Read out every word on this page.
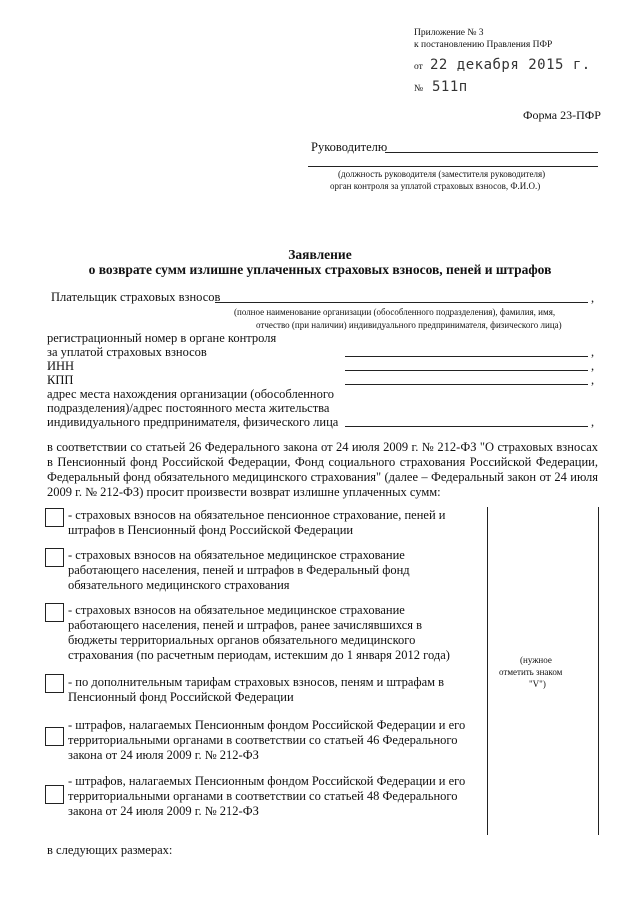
Приложение № 3
к постановлению Правления ПФР
от 22 декабря 2015 г.
№ 511п
Форма 23-ПФР
Руководителю
(должность руководителя (заместителя руководителя)
орган контроля за уплатой страховых взносов, Ф.И.О.)
Заявление
о возврате сумм излишне уплаченных страховых взносов, пеней и штрафов
Плательщик страховых взносов	,
(полное наименование организации (обособленного подразделения), фамилия, имя,
отчество (при наличии) индивидуального предпринимателя, физического лица)
регистрационный номер в органе контроля
за уплатой страховых взносов	,
ИНН	,
КПП	,
адрес места нахождения организации (обособленного
подразделения)/адрес постоянного места жительства
индивидуального предпринимателя, физического лица	,
в соответствии со статьей 26 Федерального закона от 24 июля 2009 г. № 212-ФЗ "О страховых взносах в Пенсионный фонд Российской Федерации, Фонд социального страхования Российской Федерации, Федеральный фонд обязательного медицинского страхования" (далее – Федеральный закон от 24 июля 2009 г. № 212-ФЗ) просит произвести возврат излишне уплаченных сумм:
- страховых взносов на обязательное пенсионное страхование, пеней и штрафов в Пенсионный фонд Российской Федерации
- страховых взносов на обязательное медицинское страхование работающего населения, пеней и штрафов в Федеральный фонд обязательного медицинского страхования
- страховых взносов на обязательное медицинское страхование работающего населения, пеней и штрафов, ранее зачислявшихся в бюджеты территориальных органов обязательного медицинского страхования (по расчетным периодам, истекшим до 1 января 2012 года)
- по дополнительным тарифам страховых взносов, пеням и штрафам в Пенсионный фонд Российской Федерации
- штрафов, налагаемых Пенсионным фондом Российской Федерации и его территориальными органами в соответствии со статьей 46 Федерального закона от 24 июля 2009 г. № 212-ФЗ
- штрафов, налагаемых Пенсионным фондом Российской Федерации и его территориальными органами в соответствии со статьей 48 Федерального закона от 24 июля 2009 г. № 212-ФЗ
(нужное
отметить знаком
"V")
в следующих размерах:
